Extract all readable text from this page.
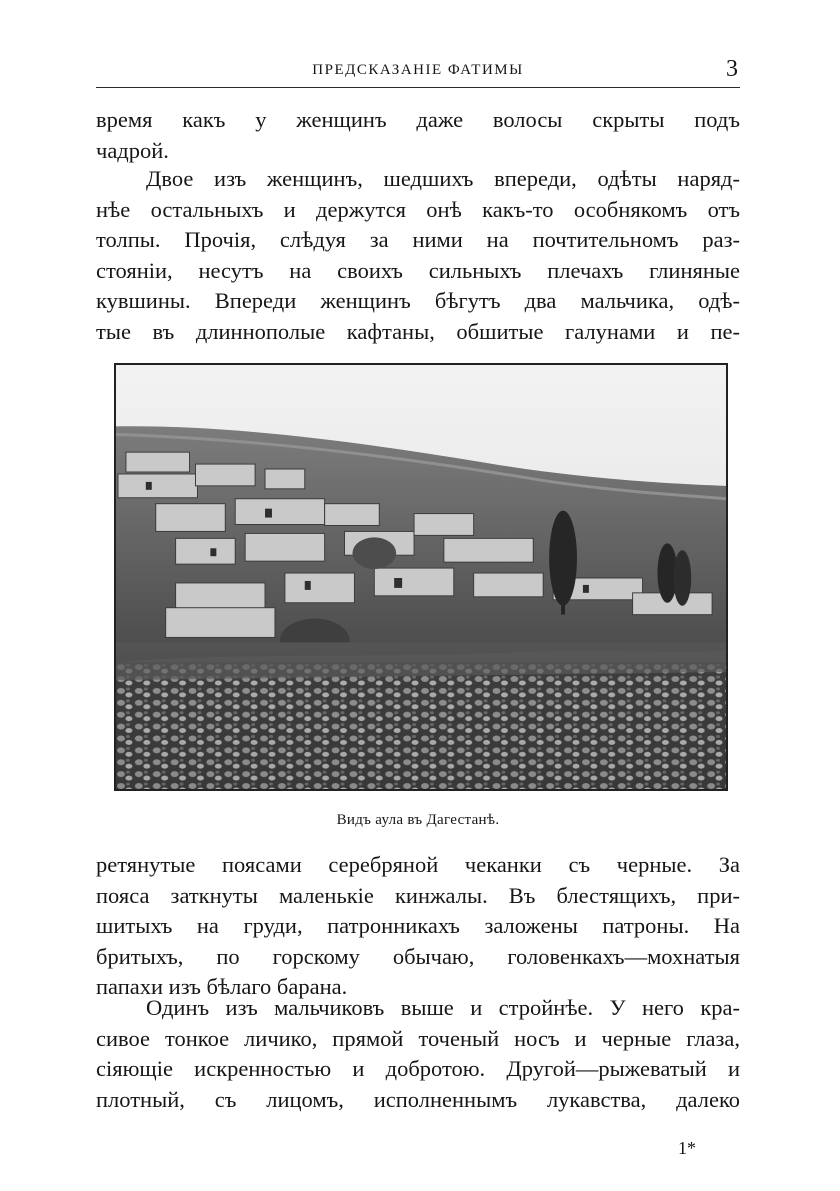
ПРЕДСКАЗАНІЕ ФАТИМЫ	3
время какъ у женщинъ даже волосы скрыты подъ
чадрой.
Двое изъ женщинъ, шедшихъ впереди, одѣты наряд-
нѣе остальныхъ и держутся онѣ какъ-то особнякомъ отъ
толпы. Прочія, слѣдуя за ними на почтительномъ раз-
стояніи, несутъ на своихъ сильныхъ плечахъ глиняные
кувшины. Впереди женщинъ бѣгутъ два мальчика, одѣ-
тые въ длиннополые кафтаны, обшитые галунами и пе-
Видъ аула въ Дагестанѣ.
ретянутые поясами серебряной чеканки съ черные. За
пояса заткнуты маленькіе кинжалы. Въ блестящихъ, при-
шитыхъ на груди, патронникахъ заложены патроны. На
бритыхъ, по горскому обычаю, головенкахъ—мохнатыя
папахи изъ бѣлаго барана.
Одинъ изъ мальчиковъ выше и стройнѣе. У него кра-
сивое тонкое личико, прямой точеный носъ и черные глаза,
сіяющіе искренностью и добротою. Другой—рыжеватый и
плотный, съ лицомъ, исполненнымъ лукавства, далеко
1*
